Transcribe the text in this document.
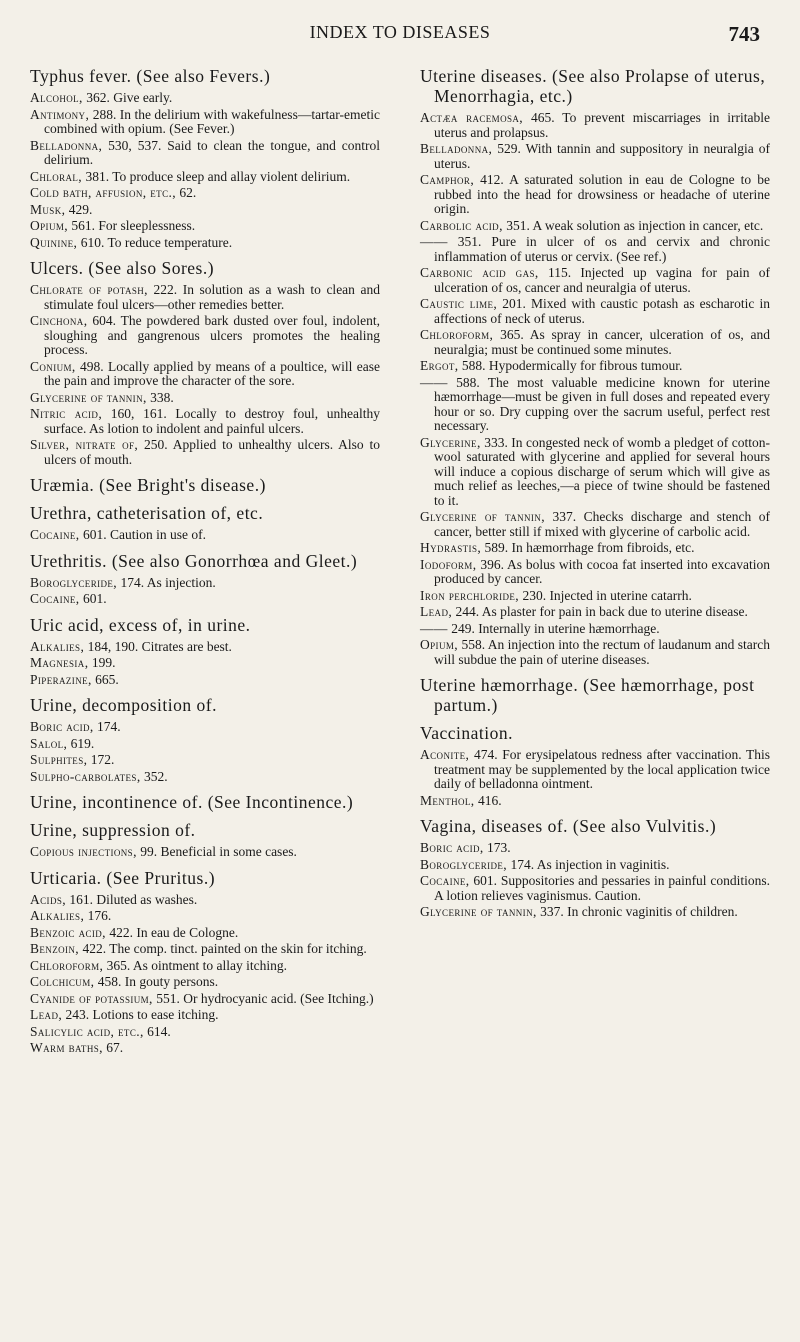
INDEX TO DISEASES	743
Typhus fever. (See also Fevers.)
Alcohol, 362. Give early.
Antimony, 288. In the delirium with wakefulness—tartar-emetic combined with opium. (See Fever.)
Belladonna, 530, 537. Said to clean the tongue, and control delirium.
Chloral, 381. To produce sleep and allay violent delirium.
Cold bath, affusion, etc., 62.
Musk, 429.
Opium, 561. For sleeplessness.
Quinine, 610. To reduce temperature.
Ulcers. (See also Sores.)
Chlorate of potash, 222. In solution as a wash to clean and stimulate foul ulcers—other remedies better.
Cinchona, 604. The powdered bark dusted over foul, indolent, sloughing and gangrenous ulcers promotes the healing process.
Conium, 498. Locally applied by means of a poultice, will ease the pain and improve the character of the sore.
Glycerine of tannin, 338.
Nitric acid, 160, 161. Locally to destroy foul, unhealthy surface. As lotion to indolent and painful ulcers.
Silver, nitrate of, 250. Applied to unhealthy ulcers. Also to ulcers of mouth.
Uræmia. (See Bright's disease.)
Urethra, catheterisation of, etc.
Cocaine, 601. Caution in use of.
Urethritis. (See also Gonorrhœa and Gleet.)
Boroglyceride, 174. As injection.
Cocaine, 601.
Uric acid, excess of, in urine.
Alkalies, 184, 190. Citrates are best.
Magnesia, 199.
Piperazine, 665.
Urine, decomposition of.
Boric acid, 174.
Salol, 619.
Sulphites, 172.
Sulpho-carbolates, 352.
Urine, incontinence of. (See Incontinence.)
Urine, suppression of.
Copious injections, 99. Beneficial in some cases.
Urticaria. (See Pruritus.)
Acids, 161. Diluted as washes.
Alkalies, 176.
Benzoic acid, 422. In eau de Cologne.
Benzoin, 422. The comp. tinct. painted on the skin for itching.
Chloroform, 365. As ointment to allay itching.
Colchicum, 458. In gouty persons.
Cyanide of potassium, 551. Or hydrocyanic acid. (See Itching.)
Lead, 243. Lotions to ease itching.
Salicylic acid, etc., 614.
Warm baths, 67.
Uterine diseases. (See also Prolapse of uterus, Menorrhagia, etc.)
Actæa racemosa, 465. To prevent miscarriages in irritable uterus and prolapsus.
Belladonna, 529. With tannin and suppository in neuralgia of uterus.
Camphor, 412. A saturated solution in eau de Cologne to be rubbed into the head for drowsiness or headache of uterine origin.
Carbolic acid, 351. A weak solution as injection in cancer, etc.
—— 351. Pure in ulcer of os and cervix and chronic inflammation of uterus or cervix. (See ref.)
Carbonic acid gas, 115. Injected up vagina for pain of ulceration of os, cancer and neuralgia of uterus.
Caustic lime, 201. Mixed with caustic potash as escharotic in affections of neck of uterus.
Chloroform, 365. As spray in cancer, ulceration of os, and neuralgia; must be continued some minutes.
Ergot, 588. Hypodermically for fibrous tumour.
—— 588. The most valuable medicine known for uterine hæmorrhage—must be given in full doses and repeated every hour or so. Dry cupping over the sacrum useful, perfect rest necessary.
Glycerine, 333. In congested neck of womb a pledget of cotton-wool saturated with glycerine and applied for several hours will induce a copious discharge of serum which will give as much relief as leeches,—a piece of twine should be fastened to it.
Glycerine of tannin, 337. Checks discharge and stench of cancer, better still if mixed with glycerine of carbolic acid.
Hydrastis, 589. In hæmorrhage from fibroids, etc.
Iodoform, 396. As bolus with cocoa fat inserted into excavation produced by cancer.
Iron perchloride, 230. Injected in uterine catarrh.
Lead, 244. As plaster for pain in back due to uterine disease.
—— 249. Internally in uterine hæmorrhage.
Opium, 558. An injection into the rectum of laudanum and starch will subdue the pain of uterine diseases.
Uterine hæmorrhage. (See hæmorrhage, post partum.)
Vaccination.
Aconite, 474. For erysipelatous redness after vaccination. This treatment may be supplemented by the local application twice daily of belladonna ointment.
Menthol, 416.
Vagina, diseases of. (See also Vulvitis.)
Boric acid, 173.
Boroglyceride, 174. As injection in vaginitis.
Cocaine, 601. Suppositories and pessaries in painful conditions. A lotion relieves vaginismus. Caution.
Glycerine of tannin, 337. In chronic vaginitis of children.
